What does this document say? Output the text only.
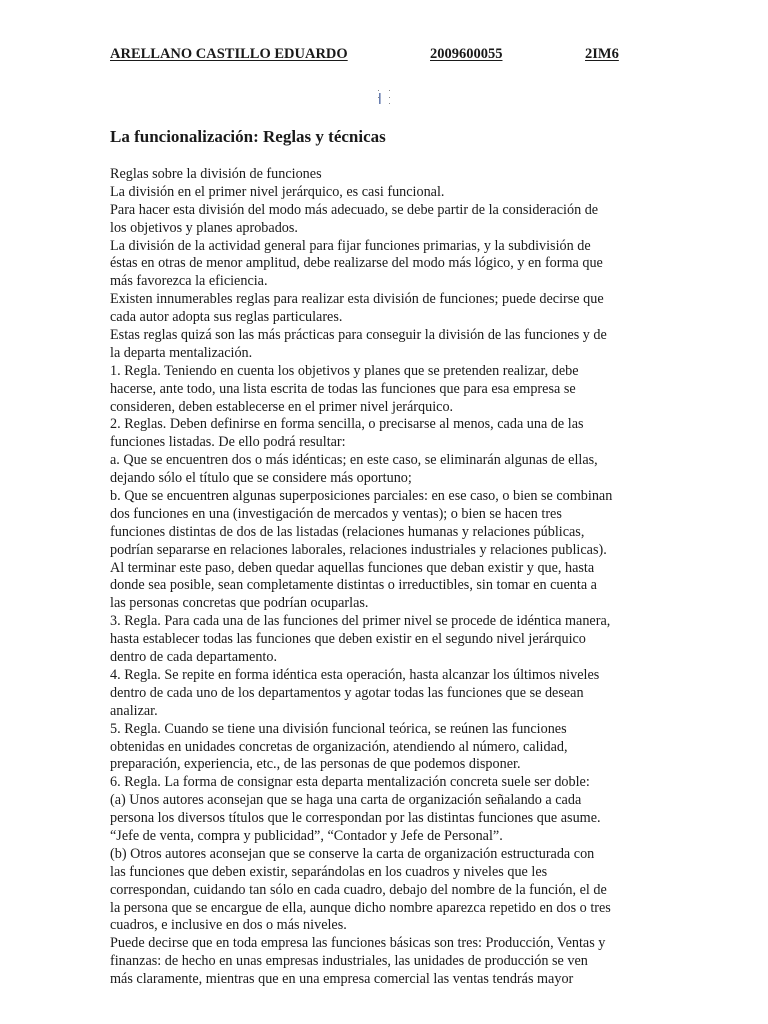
ARELLANO CASTILLO EDUARDO	2009600055	2IM6
La funcionalización: Reglas y técnicas
Reglas sobre la división de funciones
La división en el primer nivel jerárquico, es casi funcional.
Para hacer esta división del modo más adecuado, se debe partir de la consideración de
los objetivos y planes aprobados.
La división de la actividad general para fijar funciones primarias, y la subdivisión de
éstas en otras de menor amplitud, debe realizarse del modo más lógico, y en forma que
más favorezca la eficiencia.
Existen innumerables reglas para realizar esta división de funciones; puede decirse que
cada autor adopta sus reglas particulares.
Estas reglas quizá son las más prácticas para conseguir la división de las funciones y de
la departa mentalización.
1. Regla. Teniendo en cuenta los objetivos y planes que se pretenden realizar, debe
hacerse, ante todo, una lista escrita de todas las funciones que para esa empresa se
consideren, deben establecerse en el primer nivel jerárquico.
2. Reglas. Deben definirse en forma sencilla, o precisarse al menos, cada una de las
funciones listadas. De ello podrá resultar:
a. Que se encuentren dos o más idénticas; en este caso, se eliminarán algunas de ellas,
dejando sólo el título que se considere más oportuno;
b. Que se encuentren algunas superposiciones parciales: en ese caso, o bien se combinan
dos funciones en una (investigación de mercados y ventas); o bien se hacen tres
funciones distintas de dos de las listadas (relaciones humanas y relaciones públicas,
podrían separarse en relaciones laborales, relaciones industriales y relaciones publicas).
Al terminar este paso, deben quedar aquellas funciones que deban existir y que, hasta
donde sea posible, sean completamente distintas o irreductibles, sin tomar en cuenta a
las personas concretas que podrían ocuparlas.
3. Regla. Para cada una de las funciones del primer nivel se procede de idéntica manera,
hasta establecer todas las funciones que deben existir en el segundo nivel jerárquico
dentro de cada departamento.
4. Regla. Se repite en forma idéntica esta operación, hasta alcanzar los últimos niveles
dentro de cada uno de los departamentos y agotar todas las funciones que se desean
analizar.
5. Regla. Cuando se tiene una división funcional teórica, se reúnen las funciones
obtenidas en unidades concretas de organización, atendiendo al número, calidad,
preparación, experiencia, etc., de las personas de que podemos disponer.
6. Regla. La forma de consignar esta departa mentalización concreta suele ser doble:
(a) Unos autores aconsejan que se haga una carta de organización señalando a cada
persona los diversos títulos que le correspondan por las distintas funciones que asume.
“Jefe de venta, compra y publicidad”, “Contador y Jefe de Personal”.
(b) Otros autores aconsejan que se conserve la carta de organización estructurada con
las funciones que deben existir, separándolas en los cuadros y niveles que les
correspondan, cuidando tan sólo en cada cuadro, debajo del nombre de la función, el de
la persona que se encargue de ella, aunque dicho nombre aparezca repetido en dos o tres
cuadros, e inclusive en dos o más niveles.
Puede decirse que en toda empresa las funciones básicas son tres: Producción, Ventas y
finanzas: de hecho en unas empresas industriales, las unidades de producción se ven
más claramente, mientras que en una empresa comercial las ventas tendrás mayor
